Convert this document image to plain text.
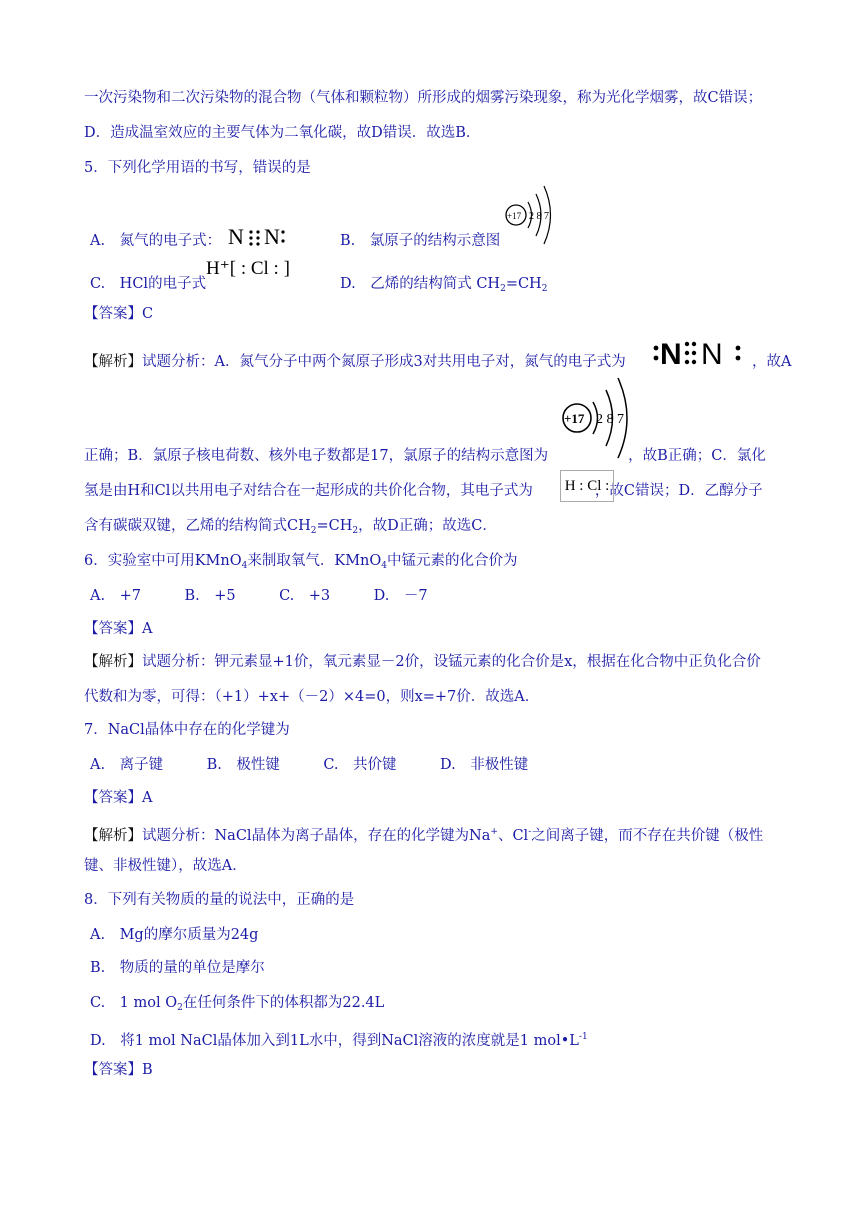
一次污染物和二次污染物的混合物（气体和颗粒物）所形成的烟雾污染现象，称为光化学烟雾，故C错误；
D．造成温室效应的主要气体为二氧化碳，故D错误．故选B．
5．下列化学用语的书写，错误的是
A.　氮气的电子式： N N	B.　氯原子的结构示意图
+17 2 8 7
C.　HCl的电子式
H⁺[ : Cl : ]
D.　乙烯的结构简式 $CH_2=CH_2$
【答案】C
【解析】试题分析：A．氮气分子中两个氮原子形成3对共用电子对，氮气的电子式为 N N ，故A
+17 2 8 7
正确；B．氯原子核电荷数、核外电子数都是17，氯原子的结构示意图为	，故B正确；C．氯化
氢是由H和Cl以共用电子对结合在一起形成的共价化合物，其电子式为	，故C错误；D．乙醇分子
H : Cl :
含有碳碳双键，乙烯的结构简式$CH_2=CH_2$，故D正确；故选C．
6．实验室中可用KMnO$_4$来制取氧气．KMnO$_4$中锰元素的化合价为
A.　+7　　　B.　+5　　　C.　+3　　　D.　－7
【答案】A
【解析】试题分析：钾元素显+1价，氧元素显－2价，设锰元素的化合价是x，根据在化合物中正负化合价
代数和为零，可得：（+1）+x+（－2）×4=0，则x=+7价．故选A．
7．NaCl晶体中存在的化学键为
A.　离子键　　　B.　极性键　　　C.　共价键　　　D.　非极性键
【答案】A
【解析】试题分析：NaCl晶体为离子晶体，存在的化学键为Na+、Cl-之间离子键，而不存在共价键（极性
键、非极性键），故选A．
8．下列有关物质的量的说法中，正确的是
A.　Mg的摩尔质量为24g
B.　物质的量的单位是摩尔
C.　1 mol $O_2$在任何条件下的体积都为22.4L
D.　将1 mol NaCl晶体加入到1L水中，得到NaCl溶液的浓度就是1 $mol•L^{-1}$
【答案】B
